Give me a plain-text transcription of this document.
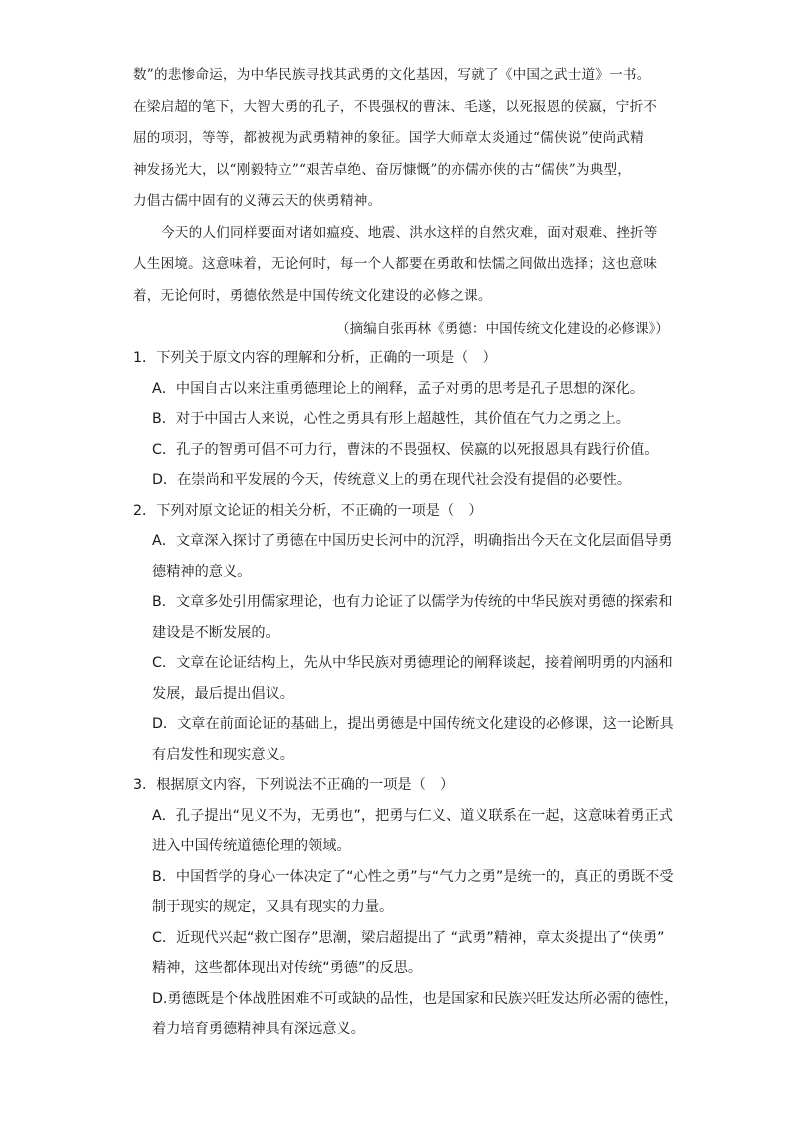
数”的悲惨命运，为中华民族寻找其武勇的文化基因，写就了《中国之武士道》一书。
在梁启超的笔下，大智大勇的孔子，不畏强权的曹沫、毛遂，以死报恩的侯嬴，宁折不
屈的项羽，等等，都被视为武勇精神的象征。国学大师章太炎通过“儒侠说”使尚武精
神发扬光大，以“刚毅特立”“艰苦卓绝、奋厉慷慨”的亦儒亦侠的古“儒侠”为典型，
力倡古儒中固有的义薄云天的侠勇精神。
今天的人们同样要面对诸如瘟疫、地震、洪水这样的自然灾难，面对艰难、挫折等
人生困境。这意味着，无论何时，每一个人都要在勇敢和怯懦之间做出选择；这也意味
着，无论何时，勇德依然是中国传统文化建设的必修之课。
（摘编自张再林《勇德：中国传统文化建设的必修课》）
1．下列关于原文内容的理解和分析，正确的一项是（　）
A．中国自古以来注重勇德理论上的阐释，孟子对勇的思考是孔子思想的深化。
B．对于中国古人来说，心性之勇具有形上超越性，其价值在气力之勇之上。
C．孔子的智勇可倡不可力行，曹沫的不畏强权、侯嬴的以死报恩具有践行价值。
D．在崇尚和平发展的今天，传统意义上的勇在现代社会没有提倡的必要性。
2．下列对原文论证的相关分析，不正确的一项是（　）
A．文章深入探讨了勇德在中国历史长河中的沉浮，明确指出今天在文化层面倡导勇
德精神的意义。
B．文章多处引用儒家理论，也有力论证了以儒学为传统的中华民族对勇德的探索和
建设是不断发展的。
C．文章在论证结构上，先从中华民族对勇德理论的阐释谈起，接着阐明勇的内涵和
发展，最后提出倡议。
D．文章在前面论证的基础上，提出勇德是中国传统文化建设的必修课，这一论断具
有启发性和现实意义。
3．根据原文内容，下列说法不正确的一项是（　）
A．孔子提出“见义不为，无勇也”，把勇与仁义、道义联系在一起，这意味着勇正式
进入中国传统道德伦理的领域。
B．中国哲学的身心一体决定了“心性之勇”与“气力之勇”是统一的，真正的勇既不受
制于现实的规定，又具有现实的力量。
C．近现代兴起“救亡图存”思潮，梁启超提出了 “武勇”精神，章太炎提出了“侠勇”
精神，这些都体现出对传统“勇德”的反思。
D.勇德既是个体战胜困难不可或缺的品性，也是国家和民族兴旺发达所必需的德性，
着力培育勇德精神具有深远意义。
